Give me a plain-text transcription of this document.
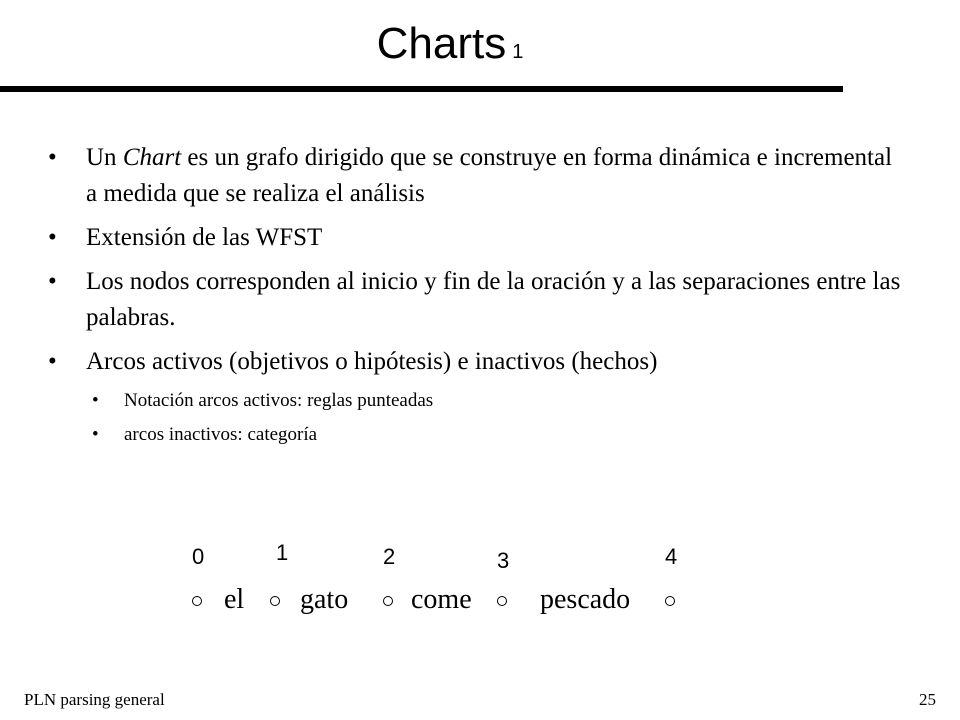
Charts 1
• Un Chart es un grafo dirigido que se construye en forma dinámica e incremental a medida que se realiza el análisis
• Extensión de las WFST
• Los nodos corresponden al inicio y fin de la oración y a las separaciones entre las palabras.
• Arcos activos (objetivos o hipótesis) e inactivos (hechos)
• Notación arcos activos: reglas punteadas
• arcos inactivos: categoría
0	1	2	3	4
el gato come pescado
PLN parsing general	25
